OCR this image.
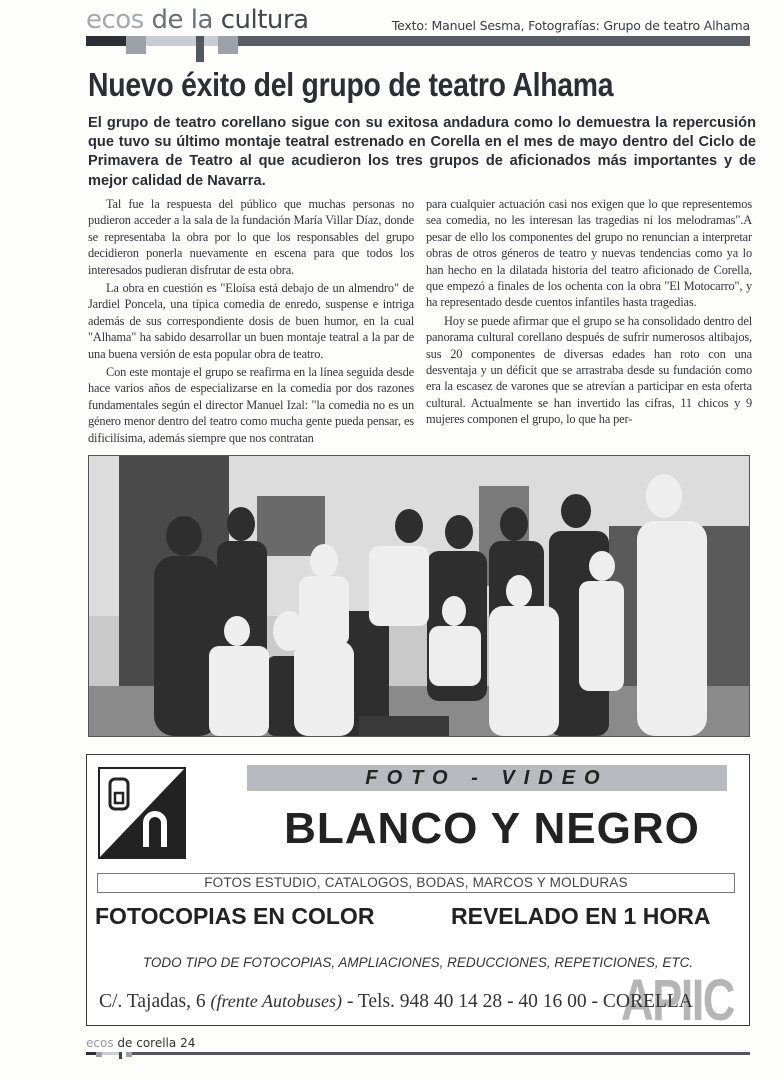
ecos de la cultura	Texto: Manuel Sesma, Fotografías: Grupo de teatro Alhama
Nuevo éxito del grupo de teatro Alhama
El grupo de teatro corellano sigue con su exitosa andadura como lo demuestra la repercusión que tuvo su último montaje teatral estrenado en Corella en el mes de mayo dentro del Ciclo de Primavera de Teatro al que acudieron los tres grupos de aficionados más importantes y de mejor calidad de Navarra.

Tal fue la respuesta del público que muchas personas no pudieron acceder a la sala de la fundación María Villar Díaz, donde se representaba la obra por lo que los responsables del grupo decidieron ponerla nuevamente en escena para que todos los interesados pudieran disfrutar de esta obra.

La obra en cuestión es "Eloísa está debajo de un almendro" de Jardiel Poncela, una típica comedia de enredo, suspense e intriga además de sus correspondiente dosis de buen humor, en la cual "Alhama" ha sabido desarrollar un buen montaje teatral a la par de una buena versión de esta popular obra de teatro.

Con este montaje el grupo se reafirma en la línea seguida desde hace varios años de especializarse en la comedia por dos razones fundamentales según el director Manuel Izal: "la comedia no es un género menor dentro del teatro como mucha gente pueda pensar, es dificilísima, además siempre que nos contratan

para cualquier actuación casi nos exigen que lo que representemos sea comedia, no les interesan las tragedias ni los melodramas".A pesar de ello los componentes del grupo no renuncian a interpretar obras de otros géneros de teatro y nuevas tendencias como ya lo han hecho en la dilatada historia del teatro aficionado de Corella, que empezó a finales de los ochenta con la obra "El Motocarro", y ha representado desde cuentos infantiles hasta tragedias.

Hoy se puede afirmar que el grupo se ha consolidado dentro del panorama cultural corellano después de sufrir numerosos altibajos, sus 20 componentes de diversas edades han roto con una desventaja y un déficit que se arrastraba desde su fundación como era la escasez de varones que se atrevían a participar en esta oferta cultural. Actualmente se han invertido las cifras, 11 chicos y 9 mujeres componen el grupo, lo que ha per-

FOTO - VIDEO
BLANCO Y NEGRO
FOTOS ESTUDIO, CATALOGOS, BODAS, MARCOS Y MOLDURAS
FOTOCOPIAS EN COLOR	REVELADO EN 1 HORA
TODO TIPO DE FOTOCOPIAS, AMPLIACIONES, REDUCCIONES, REPETICIONES, ETC.
APIIC
C/. Tajadas, 6 (frente Autobuses) - Tels. 948 40 14 28 - 40 16 00 - CORELLA
ecos de corella 24
